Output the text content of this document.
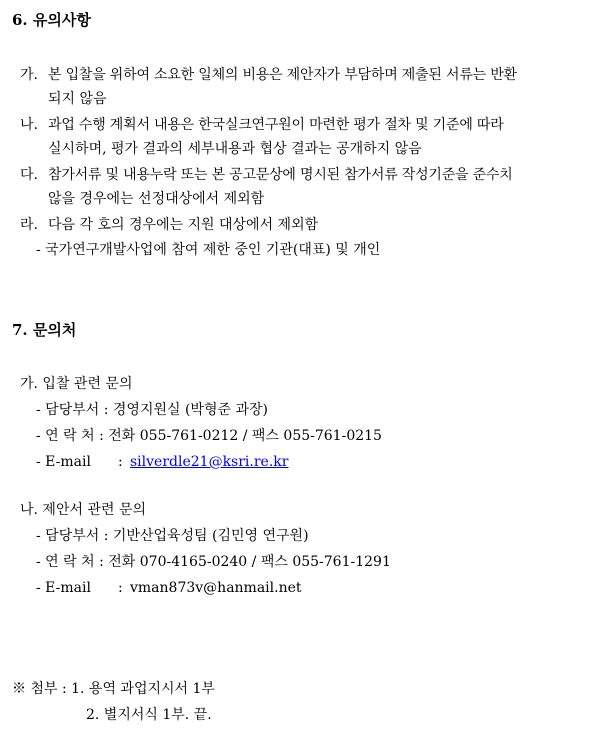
6. 유의사항
가. 본 입찰을 위하여 소요한 일체의 비용은 제안자가 부담하며 제출된 서류는 반환
되지 않음
나. 과업 수행 계획서 내용은 한국실크연구원이 마련한 평가 절차 및 기준에 따라
실시하며, 평가 결과의 세부내용과 협상 결과는 공개하지 않음
다. 참가서류 및 내용누락 또는 본 공고문상에 명시된 참가서류 작성기준을 준수치
않을 경우에는 선정대상에서 제외함
라. 다음 각 호의 경우에는 지원 대상에서 제외함
- 국가연구개발사업에 참여 제한 중인 기관(대표) 및 개인
7. 문의처
가. 입찰 관련 문의
- 담당부서 : 경영지원실 (박형준 과장)
- 연 락 처 : 전화 055-761-0212 / 팩스 055-761-0215
- E-mail : silverdle21@ksri.re.kr
나. 제안서 관련 문의
- 담당부서 : 기반산업육성팀 (김민영 연구원)
- 연 락 처 : 전화 070-4165-0240 / 팩스 055-761-1291
- E-mail : vman873v@hanmail.net
※ 첨부 : 1. 용역 과업지시서 1부
2. 별지서식 1부. 끝.
